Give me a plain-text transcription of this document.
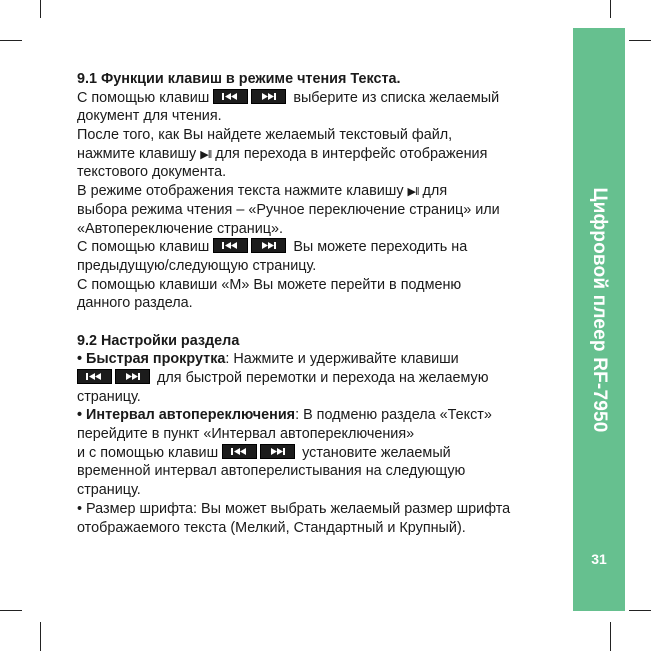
Цифровой плеер RF-7950
31
9.1 Функции клавиш в режиме чтения Текста.
С помощью клавиш	выберите из списка желаемый
документ для чтения.
После того, как Вы найдете желаемый текстовый файл,
нажмите клавишу ▶ǁ для перехода в интерфейс отображения
текстового документа.
В режиме отображения текста нажмите клавишу ▶ǁ для
выбора режима чтения – «Ручное переключение страниц» или
«Автопереключение страниц».
С помощью клавиш	Вы можете переходить на
предыдущую/следующую страницу.
С помощью клавиши «M» Вы можете перейти в подменю
данного раздела.
9.2 Настройки раздела
• Быстрая прокрутка: Нажмите и удерживайте клавиши
для быстрой перемотки и перехода на желаемую
страницу.
• Интервал автопереключения: В подменю раздела «Текст»
перейдите в пункт «Интервал автопереключения»
и с помощью клавиш	установите желаемый
временной интервал автоперелистывания на следующую
страницу.
• Размер шрифта: Вы может выбрать желаемый размер шрифта
отображаемого текста (Мелкий, Стандартный и Крупный).
